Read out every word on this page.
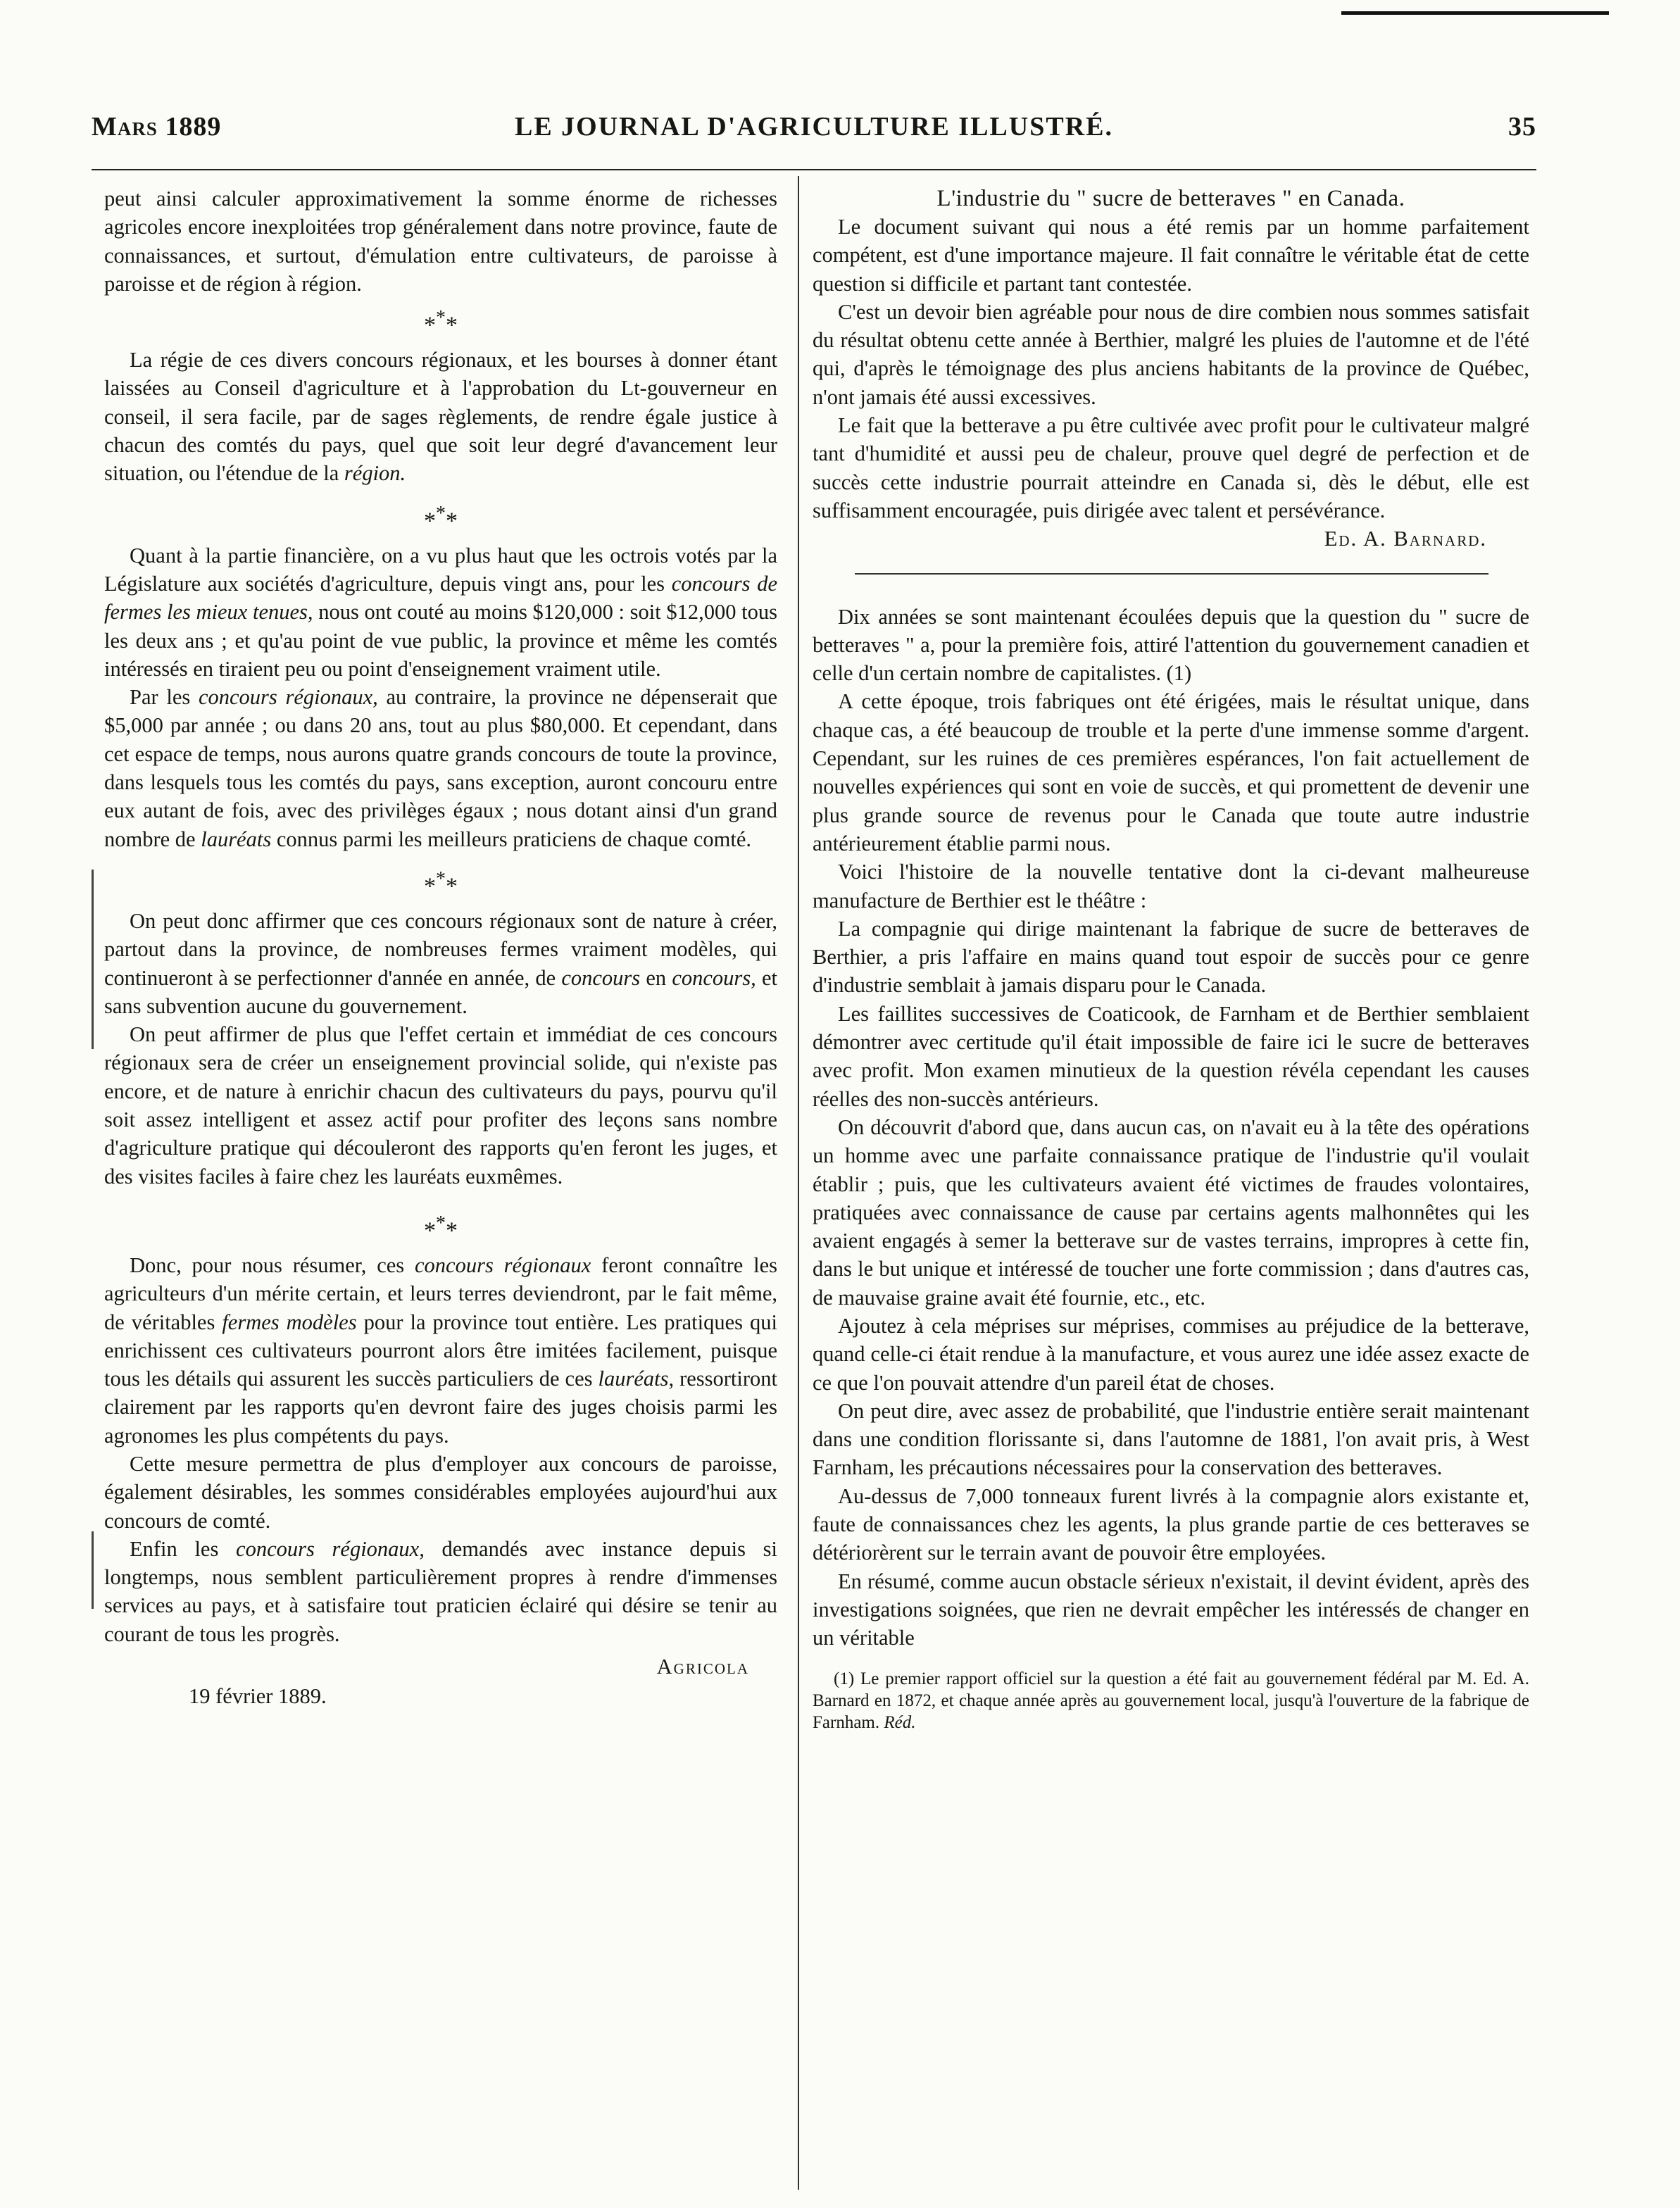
Mars 1889	LE JOURNAL D'AGRICULTURE ILLUSTRÉ.	35

peut ainsi calculer approximativement la somme énorme de richesses agricoles encore inexploitées trop généralement dans notre province, faute de connaissances, et surtout, d'émulation entre cultivateurs, de paroisse à paroisse et de région à région.

***

La régie de ces divers concours régionaux, et les bourses à donner étant laissées au Conseil d'agriculture et à l'approbation du Lt-gouverneur en conseil, il sera facile, par de sages règlements, de rendre égale justice à chacun des comtés du pays, quel que soit leur degré d'avancement leur situation, ou l'étendue de la région.

***

Quant à la partie financière, on a vu plus haut que les octrois votés par la Législature aux sociétés d'agriculture, depuis vingt ans, pour les concours de fermes les mieux tenues, nous ont couté au moins $120,000 : soit $12,000 tous les deux ans ; et qu'au point de vue public, la province et même les comtés intéressés en tiraient peu ou point d'enseignement vraiment utile.

Par les concours régionaux, au contraire, la province ne dépenserait que $5,000 par année ; ou dans 20 ans, tout au plus $80,000. Et cependant, dans cet espace de temps, nous aurons quatre grands concours de toute la province, dans lesquels tous les comtés du pays, sans exception, auront concouru entre eux autant de fois, avec des privilèges égaux ; nous dotant ainsi d'un grand nombre de lauréats connus parmi les meilleurs praticiens de chaque comté.

***

On peut donc affirmer que ces concours régionaux sont de nature à créer, partout dans la province, de nombreuses fermes vraiment modèles, qui continueront à se perfectionner d'année en année, de concours en concours, et sans subvention aucune du gouvernement.

On peut affirmer de plus que l'effet certain et immédiat de ces concours régionaux sera de créer un enseignement provincial solide, qui n'existe pas encore, et de nature à enrichir chacun des cultivateurs du pays, pourvu qu'il soit assez intelligent et assez actif pour profiter des leçons sans nombre d'agriculture pratique qui découleront des rapports qu'en feront les juges, et des visites faciles à faire chez les lauréats euxmêmes.

***

Donc, pour nous résumer, ces concours régionaux feront connaître les agriculteurs d'un mérite certain, et leurs terres deviendront, par le fait même, de véritables fermes modèles pour la province tout entière. Les pratiques qui enrichissent ces cultivateurs pourront alors être imitées facilement, puisque tous les détails qui assurent les succès particuliers de ces lauréats, ressortiront clairement par les rapports qu'en devront faire des juges choisis parmi les agronomes les plus compétents du pays.

Cette mesure permettra de plus d'employer aux concours de paroisse, également désirables, les sommes considérables employées aujourd'hui aux concours de comté.

Enfin les concours régionaux, demandés avec instance depuis si longtemps, nous semblent particulièrement propres à rendre d'immenses services au pays, et à satisfaire tout praticien éclairé qui désire se tenir au courant de tous les progrès.

Agricola
19 février 1889.
L'industrie du " sucre de betteraves " en Canada.

Le document suivant qui nous a été remis par un homme parfaitement compétent, est d'une importance majeure. Il fait connaître le véritable état de cette question si difficile et partant tant contestée.

C'est un devoir bien agréable pour nous de dire combien nous sommes satisfait du résultat obtenu cette année à Berthier, malgré les pluies de l'automne et de l'été qui, d'après le témoignage des plus anciens habitants de la province de Québec, n'ont jamais été aussi excessives.

Le fait que la betterave a pu être cultivée avec profit pour le cultivateur malgré tant d'humidité et aussi peu de chaleur, prouve quel degré de perfection et de succès cette industrie pourrait atteindre en Canada si, dès le début, elle est suffisamment encouragée, puis dirigée avec talent et persévérance.

Ed. A. Barnard.

Dix années se sont maintenant écoulées depuis que la question du " sucre de betteraves " a, pour la première fois, attiré l'attention du gouvernement canadien et celle d'un certain nombre de capitalistes. (1)

A cette époque, trois fabriques ont été érigées, mais le résultat unique, dans chaque cas, a été beaucoup de trouble et la perte d'une immense somme d'argent. Cependant, sur les ruines de ces premières espérances, l'on fait actuellement de nouvelles expériences qui sont en voie de succès, et qui promettent de devenir une plus grande source de revenus pour le Canada que toute autre industrie antérieurement établie parmi nous.

Voici l'histoire de la nouvelle tentative dont la ci-devant malheureuse manufacture de Berthier est le théâtre :

La compagnie qui dirige maintenant la fabrique de sucre de betteraves de Berthier, a pris l'affaire en mains quand tout espoir de succès pour ce genre d'industrie semblait à jamais disparu pour le Canada.

Les faillites successives de Coaticook, de Farnham et de Berthier semblaient démontrer avec certitude qu'il était impossible de faire ici le sucre de betteraves avec profit. Mon examen minutieux de la question révéla cependant les causes réelles des non-succès antérieurs.

On découvrit d'abord que, dans aucun cas, on n'avait eu à la tête des opérations un homme avec une parfaite connaissance pratique de l'industrie qu'il voulait établir ; puis, que les cultivateurs avaient été victimes de fraudes volontaires, pratiquées avec connaissance de cause par certains agents malhonnêtes qui les avaient engagés à semer la betterave sur de vastes terrains, impropres à cette fin, dans le but unique et intéressé de toucher une forte commission ; dans d'autres cas, de mauvaise graine avait été fournie, etc., etc.

Ajoutez à cela méprises sur méprises, commises au préjudice de la betterave, quand celle-ci était rendue à la manufacture, et vous aurez une idée assez exacte de ce que l'on pouvait attendre d'un pareil état de choses.

On peut dire, avec assez de probabilité, que l'industrie entière serait maintenant dans une condition florissante si, dans l'automne de 1881, l'on avait pris, à West Farnham, les précautions nécessaires pour la conservation des betteraves.

Au-dessus de 7,000 tonneaux furent livrés à la compagnie alors existante et, faute de connaissances chez les agents, la plus grande partie de ces betteraves se détériorèrent sur le terrain avant de pouvoir être employées.

En résumé, comme aucun obstacle sérieux n'existait, il devint évident, après des investigations soignées, que rien ne devrait empêcher les intéressés de changer en un véritable

(1) Le premier rapport officiel sur la question a été fait au gouvernement fédéral par M. Ed. A. Barnard en 1872, et chaque année après au gouvernement local, jusqu'à l'ouverture de la fabrique de Farnham. Réd.
